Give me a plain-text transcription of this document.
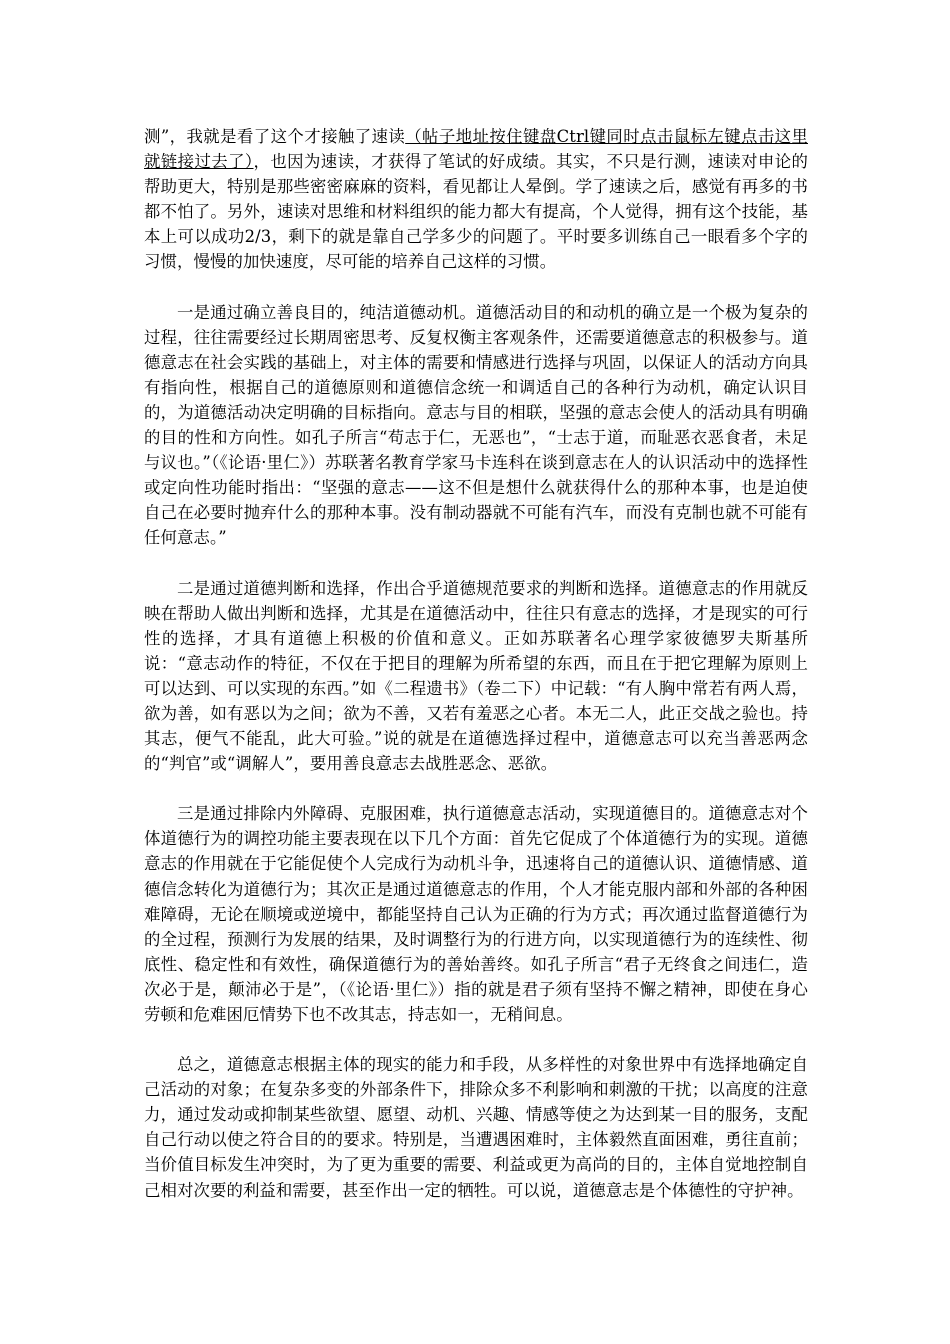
测”，我就是看了这个才接触了速读（帖子地址按住键盘Ctrl键同时点击鼠标左键点击这里就链接过去了），也因为速读，才获得了笔试的好成绩。其实，不只是行测，速读对申论的帮助更大，特别是那些密密麻麻的资料，看见都让人晕倒。学了速读之后，感觉有再多的书都不怕了。另外，速读对思维和材料组织的能力都大有提高，个人觉得，拥有这个技能，基本上可以成功2/3，剩下的就是靠自己学多少的问题了。平时要多训练自己一眼看多个字的习惯，慢慢的加快速度，尽可能的培养自己这样的习惯。

一是通过确立善良目的，纯洁道德动机。道德活动目的和动机的确立是一个极为复杂的过程，往往需要经过长期周密思考、反复权衡主客观条件，还需要道德意志的积极参与。道德意志在社会实践的基础上，对主体的需要和情感进行选择与巩固，以保证人的活动方向具有指向性，根据自己的道德原则和道德信念统一和调适自己的各种行为动机，确定认识目的，为道德活动决定明确的目标指向。意志与目的相联，坚强的意志会使人的活动具有明确的目的性和方向性。如孔子所言“苟志于仁，无恶也”，“士志于道，而耻恶衣恶食者，未足与议也。”（《论语·里仁》）苏联著名教育学家马卡连科在谈到意志在人的认识活动中的选择性或定向性功能时指出：“坚强的意志——这不但是想什么就获得什么的那种本事，也是迫使自己在必要时抛弃什么的那种本事。没有制动器就不可能有汽车，而没有克制也就不可能有任何意志。”

二是通过道德判断和选择，作出合乎道德规范要求的判断和选择。道德意志的作用就反映在帮助人做出判断和选择，尤其是在道德活动中，往往只有意志的选择，才是现实的可行性的选择，才具有道德上积极的价值和意义。正如苏联著名心理学家彼德罗夫斯基所说：“意志动作的特征，不仅在于把目的理解为所希望的东西，而且在于把它理解为原则上可以达到、可以实现的东西。”如《二程遗书》（卷二下）中记载：“有人胸中常若有两人焉，欲为善，如有恶以为之间；欲为不善，又若有羞恶之心者。本无二人，此正交战之验也。持其志，便气不能乱，此大可验。”说的就是在道德选择过程中，道德意志可以充当善恶两念的“判官”或“调解人”，要用善良意志去战胜恶念、恶欲。

三是通过排除内外障碍、克服困难，执行道德意志活动，实现道德目的。道德意志对个体道德行为的调控功能主要表现在以下几个方面：首先它促成了个体道德行为的实现。道德意志的作用就在于它能促使个人完成行为动机斗争，迅速将自己的道德认识、道德情感、道德信念转化为道德行为；其次正是通过道德意志的作用，个人才能克服内部和外部的各种困难障碍，无论在顺境或逆境中，都能坚持自己认为正确的行为方式；再次通过监督道德行为的全过程，预测行为发展的结果，及时调整行为的行进方向，以实现道德行为的连续性、彻底性、稳定性和有效性，确保道德行为的善始善终。如孔子所言“君子无终食之间违仁，造次必于是，颠沛必于是”，（《论语·里仁》）指的就是君子须有坚持不懈之精神，即使在身心劳顿和危难困厄情势下也不改其志，持志如一，无稍间息。

总之，道德意志根据主体的现实的能力和手段，从多样性的对象世界中有选择地确定自己活动的对象；在复杂多变的外部条件下，排除众多不利影响和刺激的干扰；以高度的注意力，通过发动或抑制某些欲望、愿望、动机、兴趣、情感等使之为达到某一目的服务，支配自己行动以使之符合目的的要求。特别是，当遭遇困难时，主体毅然直面困难，勇往直前；当价值目标发生冲突时，为了更为重要的需要、利益或更为高尚的目的，主体自觉地控制自己相对次要的利益和需要，甚至作出一定的牺牲。可以说，道德意志是个体德性的守护神。
